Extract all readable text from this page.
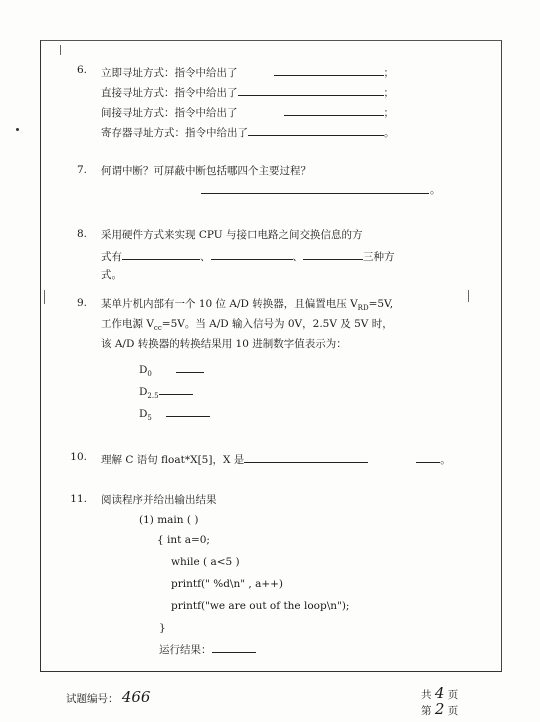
6. 立即寻址方式：指令中给出了	；
直接寻址方式：指令中给出了	；
间接寻址方式：指令中给出了	；
寄存器寻址方式：指令中给出了	。
7. 何谓中断？可屏蔽中断包括哪四个主要过程？
。
8. 采用硬件方式来实现 CPU 与接口电路之间交换信息的方
式有	、	、	三种方
式。
9. 某单片机内部有一个 10 位 A/D 转换器，且偏置电压 $V_{RD}=5V$,
工作电源 $V_{cc}=5V$。当 A/D 输入信号为 0V，2.5V 及 5V 时，
该 A/D 转换器的转换结果用 10 进制数字值表示为：
$D_0$
$D_{2.5}$
$D_5$
10. 理解 C 语句 float*X[5]，X 是	。
11. 阅读程序并给出输出结果
(1) main ( )
{ int a=0;
while ( a<5 )
printf(" %d\n" , a++)
printf("we are out of the loop\n");
}
运行结果：
试题编号： 466	共 4 页
第 2 页
